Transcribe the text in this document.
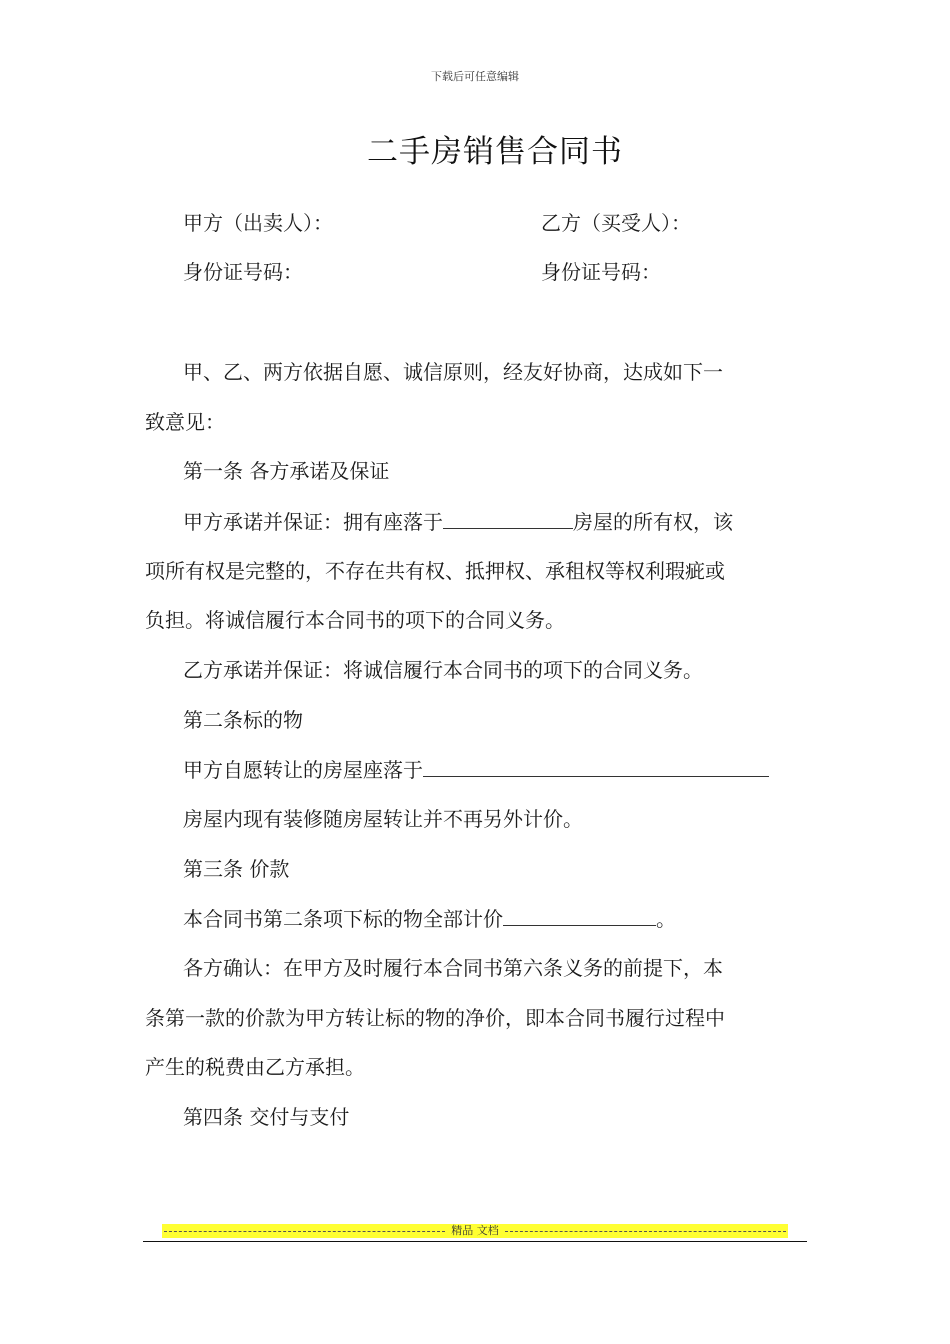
下载后可任意编辑
二手房销售合同书
甲方（出卖人）：	乙方（买受人）：
身份证号码：	身份证号码：
甲、乙、两方依据自愿、诚信原则，经友好协商，达成如下一
致意见：
第一条 各方承诺及保证
甲方承诺并保证：拥有座落于	房屋的所有权，该
项所有权是完整的，不存在共有权、抵押权、承租权等权利瑕疵或
负担。将诚信履行本合同书的项下的合同义务。
乙方承诺并保证：将诚信履行本合同书的项下的合同义务。
第二条标的物
甲方自愿转让的房屋座落于
房屋内现有装修随房屋转让并不再另外计价。
第三条 价款
本合同书第二条项下标的物全部计价	。
各方确认：在甲方及时履行本合同书第六条义务的前提下，本
条第一款的价款为甲方转让标的物的净价，即本合同书履行过程中
产生的税费由乙方承担。
第四条 交付与支付
精品 文档
